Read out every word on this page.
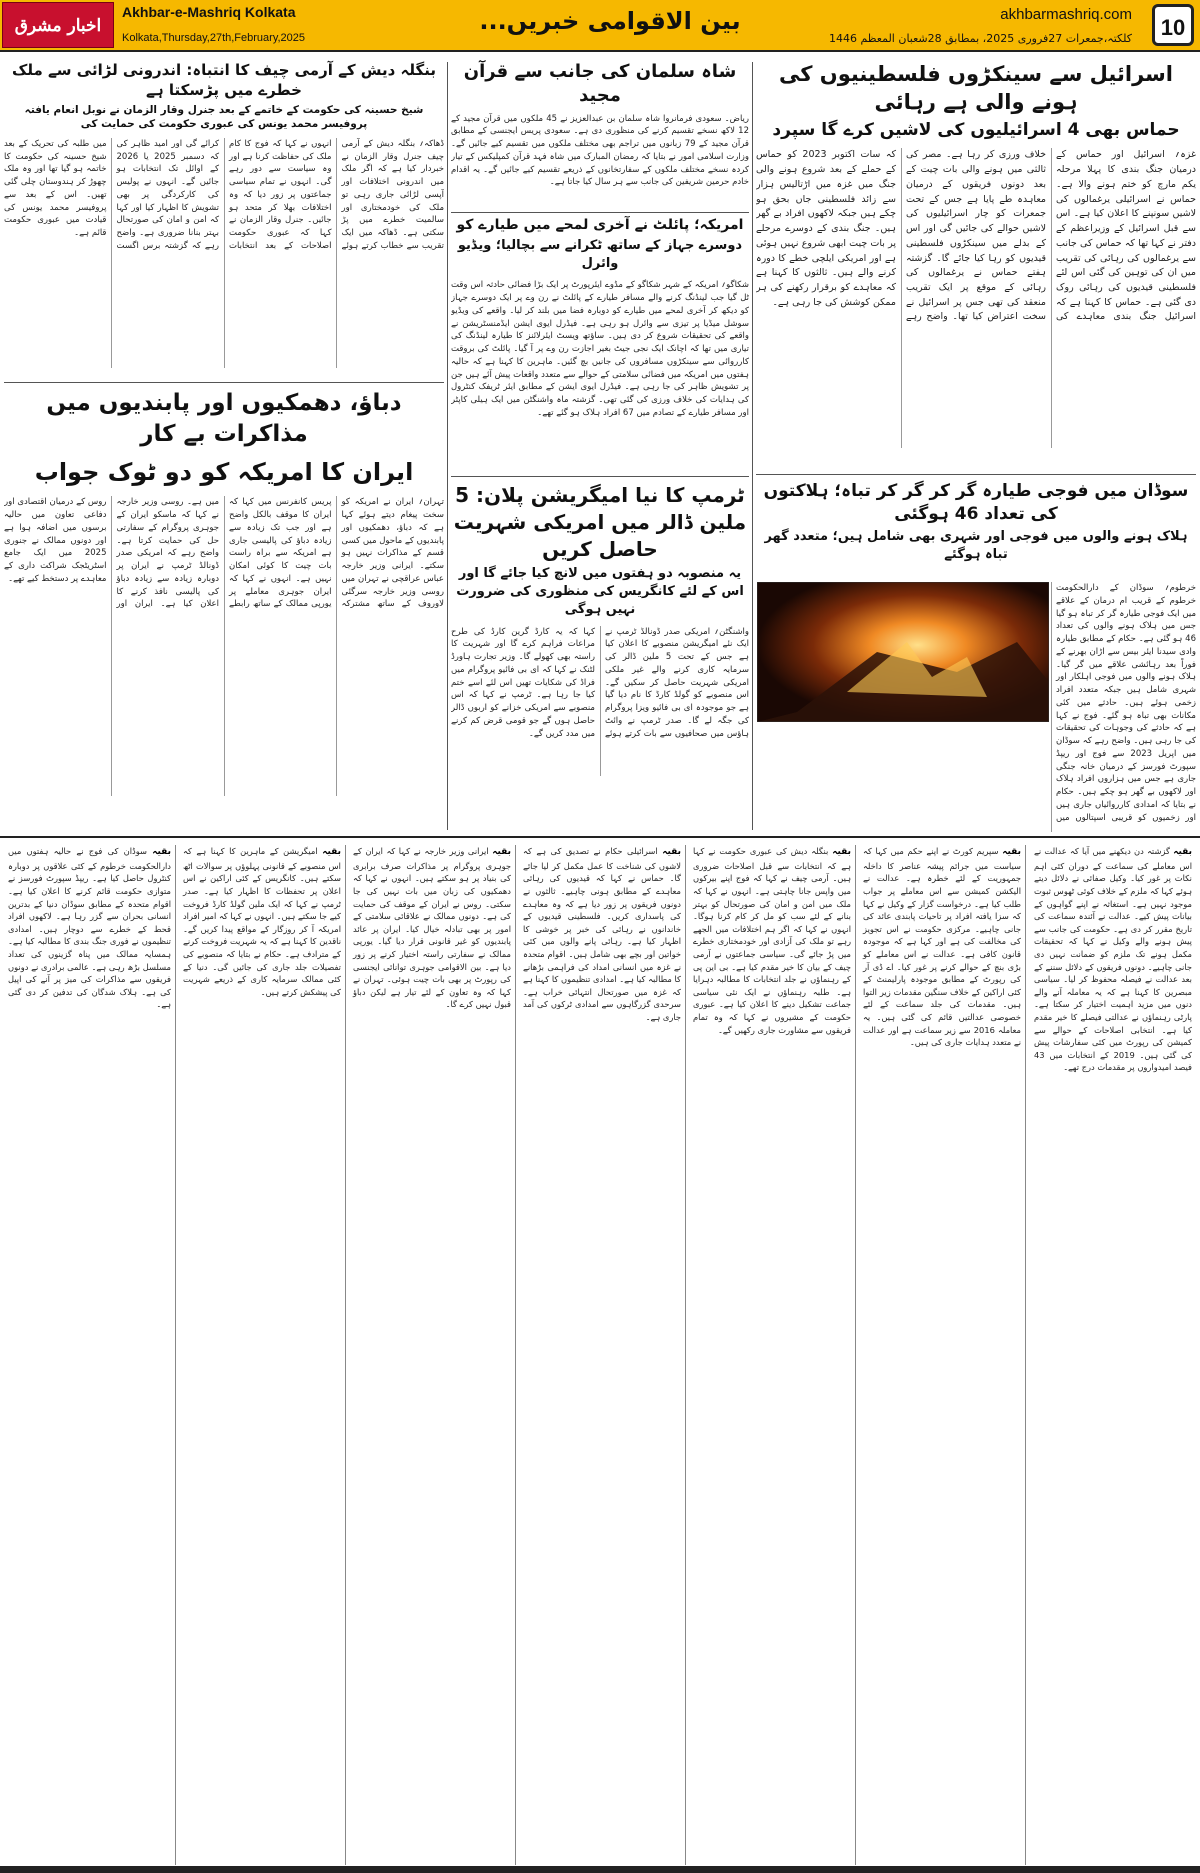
اخبار مشرق
Akhbar-e-Mashriq Kolkata
Kolkata,Thursday,27th,February,2025
بین الاقوامی خبریں...	akhbarmashriq.com
کلکتہ،جمعرات 27فروری 2025، بمطابق 28شعبان المعظم 1446	10
اسرائیل سے سینکڑوں فلسطینیوں کی ہونے والی ہے رہائی
حماس بھی 4 اسرائیلیوں کی لاشیں کرے گا سپرد
غزہ؍ اسرائیل اور حماس کے درمیان جنگ بندی کا پہلا مرحلہ یکم مارچ کو ختم ہونے والا ہے۔ حماس نے اسرائیلی یرغمالوں کی لاشیں سونپنے کا اعلان کیا ہے۔ اس سے قبل اسرائیل کے وزیراعظم کے دفتر نے کہا تھا کہ حماس کی جانب سے یرغمالوں کی رہائی کی تقریب میں ان کی توہین کی گئی اس لئے فلسطینی قیدیوں کی رہائی روک دی گئی ہے۔ حماس کا کہنا ہے کہ اسرائیل جنگ بندی معاہدے کی خلاف ورزی کر رہا ہے۔ مصر کی ثالثی میں ہونے والی بات چیت کے بعد دونوں فریقوں کے درمیان معاہدہ طے پایا ہے جس کے تحت جمعرات کو چار اسرائیلیوں کی لاشیں حوالے کی جائیں گی اور اس کے بدلے میں سینکڑوں فلسطینی قیدیوں کو رہا کیا جائے گا۔ گزشتہ ہفتے حماس نے یرغمالوں کی رہائی کے موقع پر ایک تقریب منعقد کی تھی جس پر اسرائیل نے سخت اعتراض کیا تھا۔ واضح رہے کہ سات اکتوبر 2023 کو حماس کے حملے کے بعد شروع ہونے والی جنگ میں غزہ میں اڑتالیس ہزار سے زائد فلسطینی جاں بحق ہو چکے ہیں جبکہ لاکھوں افراد بے گھر ہیں۔ جنگ بندی کے دوسرے مرحلے پر بات چیت ابھی شروع نہیں ہوئی ہے اور امریکی ایلچی خطے کا دورہ کرنے والے ہیں۔ ثالثوں کا کہنا ہے کہ معاہدے کو برقرار رکھنے کی ہر ممکن کوشش کی جا رہی ہے۔
سوڈان میں فوجی طیارہ گر کر گر کر تباہ؛ ہلاکتوں کی تعداد 46 ہوگئی
ہلاک ہونے والوں میں فوجی اور شہری بھی شامل ہیں؛ متعدد گھر تباہ ہوگئے
خرطوم؍ سوڈان کے دارالحکومت خرطوم کے قریب ام درمان کے علاقے میں ایک فوجی طیارہ گر کر تباہ ہو گیا جس میں ہلاک ہونے والوں کی تعداد 46 ہو گئی ہے۔ حکام کے مطابق طیارہ وادی سیدنا ایئر بیس سے اڑان بھرنے کے فوراً بعد رہائشی علاقے میں گر گیا۔ ہلاک ہونے والوں میں فوجی اہلکار اور شہری شامل ہیں جبکہ متعدد افراد زخمی ہوئے ہیں۔ حادثے میں کئی مکانات بھی تباہ ہو گئے۔ فوج نے کہا ہے کہ حادثے کی وجوہات کی تحقیقات کی جا رہی ہیں۔ واضح رہے کہ سوڈان میں اپریل 2023 سے فوج اور ریپڈ سپورٹ فورسز کے درمیان خانہ جنگی جاری ہے جس میں ہزاروں افراد ہلاک اور لاکھوں بے گھر ہو چکے ہیں۔ حکام نے بتایا کہ امدادی کارروائیاں جاری ہیں اور زخمیوں کو قریبی اسپتالوں میں
شاہ سلمان کی جانب سے قرآن مجید
ریاض۔ سعودی فرمانروا شاہ سلمان بن عبدالعزیز نے 45 ملکوں میں قرآن مجید کے 12 لاکھ نسخے تقسیم کرنے کی منظوری دی ہے۔ سعودی پریس ایجنسی کے مطابق قرآن مجید کے 79 زبانوں میں تراجم بھی مختلف ملکوں میں تقسیم کیے جائیں گے۔ وزارت اسلامی امور نے بتایا کہ رمضان المبارک میں شاہ فہد قرآن کمپلیکس کے تیار کردہ نسخے مختلف ملکوں کے سفارتخانوں کے ذریعے تقسیم کیے جائیں گے۔ یہ اقدام خادم حرمین شریفین کی جانب سے ہر سال کیا جاتا ہے۔
امریکہ؛ پائلٹ نے آخری لمحے میں طیارے کو
دوسرے جہاز کے ساتھ ٹکرانے سے بچالیا؛ ویڈیو وائرل
شکاگو؍ امریکہ کے شہر شکاگو کے مڈوے ایئرپورٹ پر ایک بڑا فضائی حادثہ اس وقت ٹل گیا جب لینڈنگ کرنے والے مسافر طیارے کے پائلٹ نے رن وے پر ایک دوسرے جہاز کو دیکھ کر آخری لمحے میں طیارے کو دوبارہ فضا میں بلند کر لیا۔ واقعے کی ویڈیو سوشل میڈیا پر تیزی سے وائرل ہو رہی ہے۔ فیڈرل ایوی ایشن ایڈمنسٹریشن نے واقعے کی تحقیقات شروع کر دی ہیں۔ ساؤتھ ویسٹ ایئرلائنز کا طیارہ لینڈنگ کی تیاری میں تھا کہ اچانک ایک نجی جیٹ بغیر اجازت رن وے پر آ گیا۔ پائلٹ کی بروقت کارروائی سے سینکڑوں مسافروں کی جانیں بچ گئیں۔ ماہرین کا کہنا ہے کہ حالیہ ہفتوں میں امریکہ میں فضائی سلامتی کے حوالے سے متعدد واقعات پیش آئے ہیں جن پر تشویش ظاہر کی جا رہی ہے۔ فیڈرل ایوی ایشن کے مطابق ایئر ٹریفک کنٹرول کی ہدایات کی خلاف ورزی کی گئی تھی۔ گزشتہ ماہ واشنگٹن میں ایک ہیلی کاپٹر اور مسافر طیارے کے تصادم میں 67 افراد ہلاک ہو گئے تھے۔
ٹرمپ کا نیا امیگریشن پلان: 5 ملین ڈالر میں امریکی شہریت حاصل کریں
یہ منصوبہ دو ہفتوں میں لانچ کیا جائے گا اور اس کے لئے کانگریس کی منظوری کی ضرورت نہیں ہوگی
واشنگٹن؍ امریکی صدر ڈونالڈ ٹرمپ نے ایک نئے امیگریشن منصوبے کا اعلان کیا ہے جس کے تحت 5 ملین ڈالر کی سرمایہ کاری کرنے والے غیر ملکی امریکی شہریت حاصل کر سکیں گے۔ اس منصوبے کو گولڈ کارڈ کا نام دیا گیا ہے جو موجودہ ای بی فائیو ویزا پروگرام کی جگہ لے گا۔ صدر ٹرمپ نے وائٹ ہاؤس میں صحافیوں سے بات کرتے ہوئے کہا کہ یہ کارڈ گرین کارڈ کی طرح مراعات فراہم کرے گا اور شہریت کا راستہ بھی کھولے گا۔ وزیر تجارت ہاورڈ لٹنک نے کہا کہ ای بی فائیو پروگرام میں فراڈ کی شکایات تھیں اس لئے اسے ختم کیا جا رہا ہے۔ ٹرمپ نے کہا کہ اس منصوبے سے امریکی خزانے کو اربوں ڈالر حاصل ہوں گے جو قومی قرض کم کرنے میں مدد کریں گے۔
بنگلہ دیش کے آرمی چیف کا انتباہ: اندرونی لڑائی سے ملک خطرے میں پڑسکتا ہے
شیخ حسینہ کی حکومت کے خاتمے کے بعد جنرل وقار الزمان نے نوبل انعام یافتہ پروفیسر محمد یونس کی عبوری حکومت کی حمایت کی
ڈھاکہ؍ بنگلہ دیش کے آرمی چیف جنرل وقار الزمان نے خبردار کیا ہے کہ اگر ملک میں اندرونی اختلافات اور آپسی لڑائی جاری رہی تو ملک کی خودمختاری اور سالمیت خطرے میں پڑ سکتی ہے۔ ڈھاکہ میں ایک تقریب سے خطاب کرتے ہوئے انہوں نے کہا کہ فوج کا کام ملک کی حفاظت کرنا ہے اور وہ سیاست سے دور رہے گی۔ انہوں نے تمام سیاسی جماعتوں پر زور دیا کہ وہ اختلافات بھلا کر متحد ہو جائیں۔ جنرل وقار الزمان نے کہا کہ عبوری حکومت اصلاحات کے بعد انتخابات کرائے گی اور امید ظاہر کی کہ دسمبر 2025 یا 2026 کے اوائل تک انتخابات ہو جائیں گے۔ انہوں نے پولیس کی کارکردگی پر بھی تشویش کا اظہار کیا اور کہا کہ امن و امان کی صورتحال بہتر بنانا ضروری ہے۔ واضح رہے کہ گزشتہ برس اگست میں طلبہ کی تحریک کے بعد شیخ حسینہ کی حکومت کا خاتمہ ہو گیا تھا اور وہ ملک چھوڑ کر ہندوستان چلی گئی تھیں۔ اس کے بعد سے پروفیسر محمد یونس کی قیادت میں عبوری حکومت قائم ہے۔
دباؤ، دھمکیوں اور پابندیوں میں مذاکرات بے کار
ایران کا امریکہ کو دو ٹوک جواب
تہران؍ ایران نے امریکہ کو سخت پیغام دیتے ہوئے کہا ہے کہ دباؤ، دھمکیوں اور پابندیوں کے ماحول میں کسی قسم کے مذاکرات نہیں ہو سکتے۔ ایرانی وزیر خارجہ عباس عراقچی نے تہران میں روسی وزیر خارجہ سرگئی لاوروف کے ساتھ مشترکہ پریس کانفرنس میں کہا کہ ایران کا موقف بالکل واضح ہے اور جب تک زیادہ سے زیادہ دباؤ کی پالیسی جاری ہے امریکہ سے براہ راست بات چیت کا کوئی امکان نہیں ہے۔ انہوں نے کہا کہ ایران جوہری معاملے پر یورپی ممالک کے ساتھ رابطے میں ہے۔ روسی وزیر خارجہ نے کہا کہ ماسکو ایران کے جوہری پروگرام کے سفارتی حل کی حمایت کرتا ہے۔ واضح رہے کہ امریکی صدر ڈونالڈ ٹرمپ نے ایران پر دوبارہ زیادہ سے زیادہ دباؤ کی پالیسی نافذ کرنے کا اعلان کیا ہے۔ ایران اور روس کے درمیان اقتصادی اور دفاعی تعاون میں حالیہ برسوں میں اضافہ ہوا ہے اور دونوں ممالک نے جنوری 2025 میں ایک جامع اسٹریٹجک شراکت داری کے معاہدے پر دستخط کیے تھے۔
بقیہ گزشتہ دن دیکھنے میں آیا کہ عدالت نے اس معاملے کی سماعت کے دوران کئی اہم نکات پر غور کیا۔ وکیل صفائی نے دلائل دیتے ہوئے کہا کہ ملزم کے خلاف کوئی ٹھوس ثبوت موجود نہیں ہے۔ استغاثہ نے اپنے گواہوں کے بیانات پیش کیے۔ عدالت نے آئندہ سماعت کی تاریخ مقرر کر دی ہے۔ حکومت کی جانب سے پیش ہونے والے وکیل نے کہا کہ تحقیقات مکمل ہونے تک ملزم کو ضمانت نہیں دی جانی چاہیے۔ دونوں فریقوں کے دلائل سننے کے بعد عدالت نے فیصلہ محفوظ کر لیا۔ سیاسی مبصرین کا کہنا ہے کہ یہ معاملہ آنے والے دنوں میں مزید اہمیت اختیار کر سکتا ہے۔ پارٹی رہنماؤں نے عدالتی فیصلے کا خیر مقدم کیا ہے۔ انتخابی اصلاحات کے حوالے سے کمیشن کی رپورٹ میں کئی سفارشات پیش کی گئی ہیں۔ 2019 کے انتخابات میں 43 فیصد امیدواروں پر مقدمات درج تھے۔
بقیہ سپریم کورٹ نے اپنے حکم میں کہا کہ سیاست میں جرائم پیشہ عناصر کا داخلہ جمہوریت کے لئے خطرہ ہے۔ عدالت نے الیکشن کمیشن سے اس معاملے پر جواب طلب کیا ہے۔ درخواست گزار کے وکیل نے کہا کہ سزا یافتہ افراد پر تاحیات پابندی عائد کی جانی چاہیے۔ مرکزی حکومت نے اس تجویز کی مخالفت کی ہے اور کہا ہے کہ موجودہ قانون کافی ہے۔ عدالت نے اس معاملے کو بڑی بنچ کے حوالے کرنے پر غور کیا۔ اے ڈی آر کی رپورٹ کے مطابق موجودہ پارلیمنٹ کے کئی اراکین کے خلاف سنگین مقدمات زیر التوا ہیں۔ مقدمات کی جلد سماعت کے لئے خصوصی عدالتیں قائم کی گئی ہیں۔ یہ معاملہ 2016 سے زیر سماعت ہے اور عدالت نے متعدد ہدایات جاری کی ہیں۔
بقیہ بنگلہ دیش کی عبوری حکومت نے کہا ہے کہ انتخابات سے قبل اصلاحات ضروری ہیں۔ آرمی چیف نے کہا کہ فوج اپنے بیرکوں میں واپس جانا چاہتی ہے۔ انہوں نے کہا کہ ملک میں امن و امان کی صورتحال کو بہتر بنانے کے لئے سب کو مل کر کام کرنا ہوگا۔ انہوں نے کہا کہ اگر ہم اختلافات میں الجھے رہے تو ملک کی آزادی اور خودمختاری خطرے میں پڑ جائے گی۔ سیاسی جماعتوں نے آرمی چیف کے بیان کا خیر مقدم کیا ہے۔ بی این پی کے رہنماؤں نے جلد انتخابات کا مطالبہ دہرایا ہے۔ طلبہ رہنماؤں نے ایک نئی سیاسی جماعت تشکیل دینے کا اعلان کیا ہے۔ عبوری حکومت کے مشیروں نے کہا کہ وہ تمام فریقوں سے مشاورت جاری رکھیں گے۔
بقیہ اسرائیلی حکام نے تصدیق کی ہے کہ لاشوں کی شناخت کا عمل مکمل کر لیا جائے گا۔ حماس نے کہا کہ قیدیوں کی رہائی معاہدے کے مطابق ہونی چاہیے۔ ثالثوں نے دونوں فریقوں پر زور دیا ہے کہ وہ معاہدے کی پاسداری کریں۔ فلسطینی قیدیوں کے خاندانوں نے رہائی کی خبر پر خوشی کا اظہار کیا ہے۔ رہائی پانے والوں میں کئی خواتین اور بچے بھی شامل ہیں۔ اقوام متحدہ نے غزہ میں انسانی امداد کی فراہمی بڑھانے کا مطالبہ کیا ہے۔ امدادی تنظیموں کا کہنا ہے کہ غزہ میں صورتحال انتہائی خراب ہے۔ سرحدی گزرگاہوں سے امدادی ٹرکوں کی آمد جاری ہے۔
بقیہ ایرانی وزیر خارجہ نے کہا کہ ایران کے جوہری پروگرام پر مذاکرات صرف برابری کی بنیاد پر ہو سکتے ہیں۔ انہوں نے کہا کہ دھمکیوں کی زبان میں بات نہیں کی جا سکتی۔ روس نے ایران کے موقف کی حمایت کی ہے۔ دونوں ممالک نے علاقائی سلامتی کے امور پر بھی تبادلہ خیال کیا۔ ایران پر عائد پابندیوں کو غیر قانونی قرار دیا گیا۔ یورپی ممالک نے سفارتی راستہ اختیار کرنے پر زور دیا ہے۔ بین الاقوامی جوہری توانائی ایجنسی کی رپورٹ پر بھی بات چیت ہوئی۔ تہران نے کہا کہ وہ تعاون کے لئے تیار ہے لیکن دباؤ قبول نہیں کرے گا۔
بقیہ امیگریشن کے ماہرین کا کہنا ہے کہ اس منصوبے کے قانونی پہلوؤں پر سوالات اٹھ سکتے ہیں۔ کانگریس کے کئی اراکین نے اس اعلان پر تحفظات کا اظہار کیا ہے۔ صدر ٹرمپ نے کہا کہ ایک ملین گولڈ کارڈ فروخت کیے جا سکتے ہیں۔ انہوں نے کہا کہ امیر افراد امریکہ آ کر روزگار کے مواقع پیدا کریں گے۔ ناقدین کا کہنا ہے کہ یہ شہریت فروخت کرنے کے مترادف ہے۔ حکام نے بتایا کہ منصوبے کی تفصیلات جلد جاری کی جائیں گی۔ دنیا کے کئی ممالک سرمایہ کاری کے ذریعے شہریت کی پیشکش کرتے ہیں۔
بقیہ سوڈان کی فوج نے حالیہ ہفتوں میں دارالحکومت خرطوم کے کئی علاقوں پر دوبارہ کنٹرول حاصل کیا ہے۔ ریپڈ سپورٹ فورسز نے متوازی حکومت قائم کرنے کا اعلان کیا ہے۔ اقوام متحدہ کے مطابق سوڈان دنیا کے بدترین انسانی بحران سے گزر رہا ہے۔ لاکھوں افراد قحط کے خطرے سے دوچار ہیں۔ امدادی تنظیموں نے فوری جنگ بندی کا مطالبہ کیا ہے۔ ہمسایہ ممالک میں پناہ گزینوں کی تعداد مسلسل بڑھ رہی ہے۔ عالمی برادری نے دونوں فریقوں سے مذاکرات کی میز پر آنے کی اپیل کی ہے۔ ہلاک شدگان کی تدفین کر دی گئی ہے۔
